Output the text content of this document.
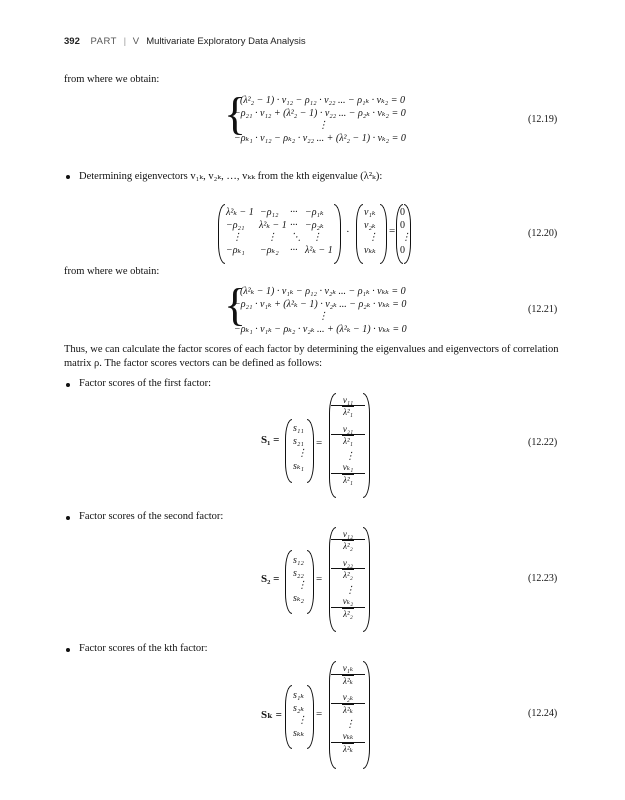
392 PART | V Multivariate Exploratory Data Analysis
from where we obtain:
{
(λ²₂ − 1) · v₁₂ − ρ₁₂ · v₂₂ ... − ρ₁ₖ · vₖ₂ = 0
−ρ₂₁ · v₁₂ + (λ²₂ − 1) · v₂₂ ... − ρ₂ₖ · vₖ₂ = 0
⋮
−ρₖ₁ · v₁₂ − ρₖ₂ · v₂₂ ... + (λ²₂ − 1) · vₖ₂ = 0
(12.19)
Determining eigenvectors v₁ₖ, v₂ₖ, …, vₖₖ from the kth eigenvalue (λ²ₖ):
λ²ₖ − 1 −ρ₁₂ ··· −ρ₁ₖ
−ρ₂₁ λ²ₖ − 1 ··· −ρ₂ₖ
⋮	⋮ ⋱ ⋮
−ρₖ₁ −ρₖ₂ ··· λ²ₖ − 1
·
v₁ₖ
v₂ₖ
⋮
vₖₖ
=
0
0
⋮
0
(12.20)
from where we obtain:
{
(λ²ₖ − 1) · v₁ₖ − ρ₁₂ · v₂ₖ ... − ρ₁ₖ · vₖₖ = 0
−ρ₂₁ · v₁ₖ + (λ²ₖ − 1) · v₂ₖ ... − ρ₂ₖ · vₖₖ = 0
⋮
−ρₖ₁ · v₁ₖ − ρₖ₂ · v₂ₖ ... + (λ²ₖ − 1) · vₖₖ = 0
(12.21)
Thus, we can calculate the factor scores of each factor by determining the eigenvalues and eigenvectors of correlation matrix ρ. The factor scores vectors can be defined as follows:
Factor scores of the first factor:
S₁ =
s₁₁
s₂₁
⋮
sₖ₁
=
$\frac{\text{v₁₁}}{\text{λ²₁}}$
$\frac{\text{v₂₁}}{\text{λ²₁}}$
⋮
$\frac{\text{vₖ₁}}{\text{λ²₁}}$
(12.22)
Factor scores of the second factor:
S₂ =
s₁₂
s₂₂
⋮
sₖ₂
=
$\frac{\text{v₁₂}}{\text{λ²₂}}$
$\frac{\text{v₂₂}}{\text{λ²₂}}$
⋮
$\frac{\text{vₖ₂}}{\text{λ²₂}}$
(12.23)
Factor scores of the kth factor:
Sₖ =
s₁ₖ
s₂ₖ
⋮
sₖₖ
=
$\frac{\text{v₁ₖ}}{\text{λ²ₖ}}$
$\frac{\text{v₂ₖ}}{\text{λ²ₖ}}$
⋮
vₖₖ
λ²ₖ
(12.24)
